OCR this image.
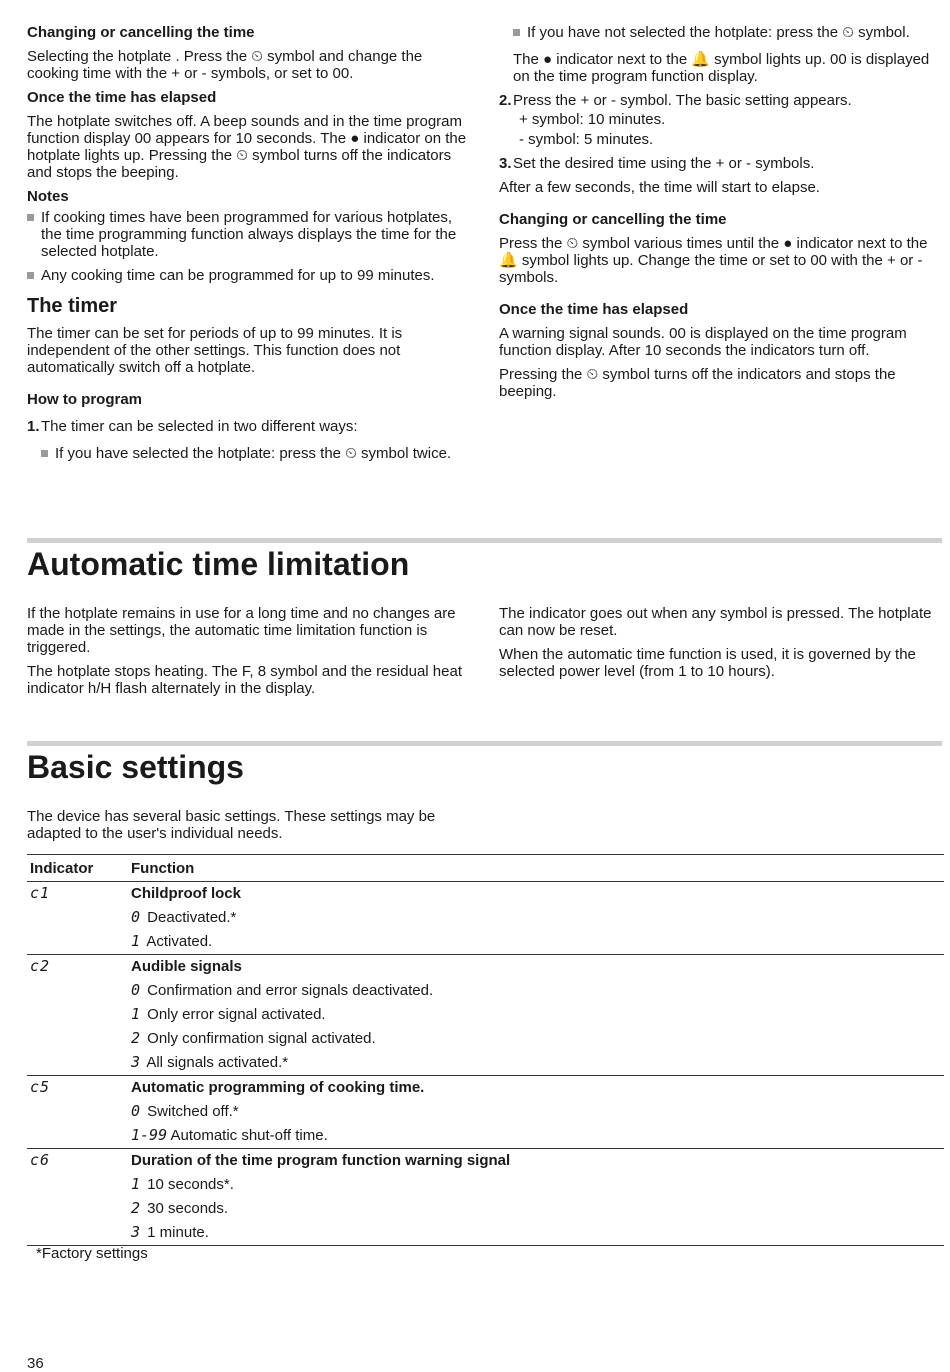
Changing or cancelling the time

Selecting the hotplate . Press the ⏲ symbol and change the cooking time with the + or - symbols, or set to 00.

Once the time has elapsed

The hotplate switches off. A beep sounds and in the time program function display 00 appears for 10 seconds. The ● indicator on the hotplate lights up. Pressing the ⏲ symbol turns off the indicators and stops the beeping.

Notes
If cooking times have been programmed for various hotplates, the time programming function always displays the time for the selected hotplate.
Any cooking time can be programmed for up to 99 minutes.
The timer

The timer can be set for periods of up to 99 minutes. It is independent of the other settings. This function does not automatically switch off a hotplate.

How to program
1. The timer can be selected in two different ways:
If you have selected the hotplate: press the ⏲ symbol twice.
If you have not selected the hotplate: press the ⏲ symbol.

The ● indicator next to the 🔔 symbol lights up. 00 is displayed on the time program function display.

2. Press the + or - symbol. The basic setting appears.

+ symbol: 10 minutes.

- symbol: 5 minutes.

3. Set the desired time using the + or - symbols.

After a few seconds, the time will start to elapse.

Changing or cancelling the time

Press the ⏲ symbol various times until the ● indicator next to the 🔔 symbol lights up. Change the time or set to 00 with the + or - symbols.

Once the time has elapsed

A warning signal sounds. 00 is displayed on the time program function display. After 10 seconds the indicators turn off.

Pressing the ⏲ symbol turns off the indicators and stops the beeping.

Automatic time limitation

If the hotplate remains in use for a long time and no changes are made in the settings, the automatic time limitation function is triggered.

The hotplate stops heating. The F, 8 symbol and the residual heat indicator h/H flash alternately in the display.

The indicator goes out when any symbol is pressed. The hotplate can now be reset.

When the automatic time function is used, it is governed by the selected power level (from 1 to 10 hours).

Basic settings

The device has several basic settings. These settings may be adapted to the user's individual needs.

Indicator	Function
c1	Childproof lock
	0 Deactivated.*
	1 Activated.
c2	Audible signals
	0 Confirmation and error signals deactivated.
	1 Only error signal activated.
	2 Only confirmation signal activated.
	3 All signals activated.*
c5	Automatic programming of cooking time.
	0 Switched off.*
	1-99 Automatic shut-off time.
c6	Duration of the time program function warning signal
	1 10 seconds*.
	2 30 seconds.
	3 1 minute.
*Factory settings
36
